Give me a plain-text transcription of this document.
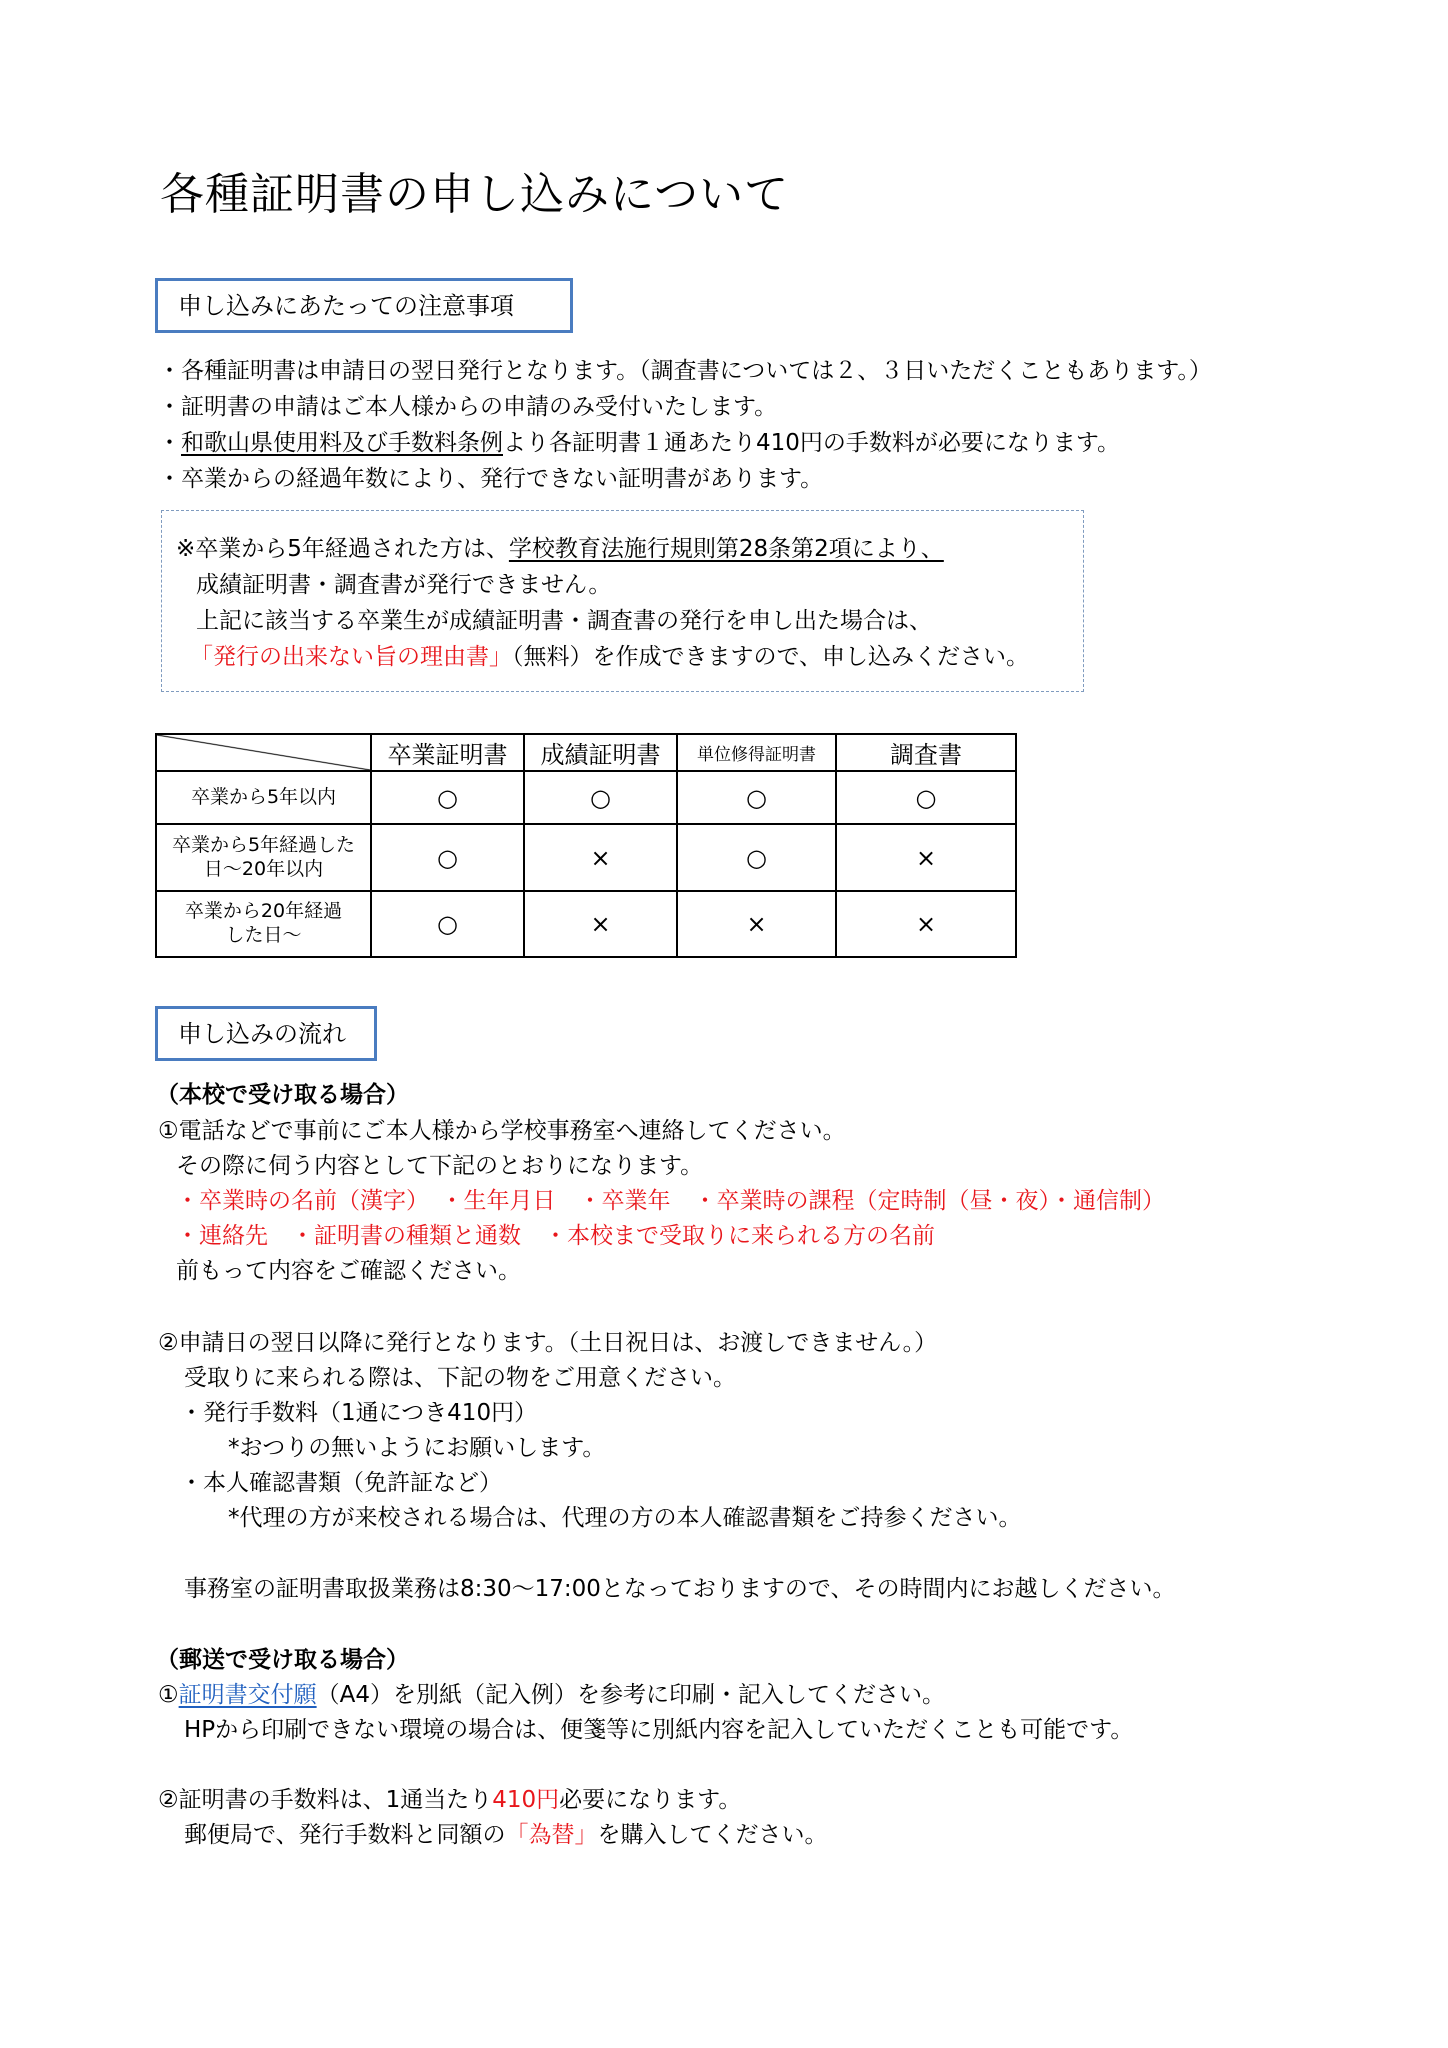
各種証明書の申し込みについて
申し込みにあたっての注意事項
・各種証明書は申請日の翌日発行となります。（調査書については２、３日いただくこともあります。）
・証明書の申請はご本人様からの申請のみ受付いたします。
・和歌山県使用料及び手数料条例より各証明書１通あたり410円の手数料が必要になります。
・卒業からの経過年数により、発行できない証明書があります。
※卒業から5年経過された方は、学校教育法施行規則第28条第2項により、
成績証明書・調査書が発行できません。
上記に該当する卒業生が成績証明書・調査書の発行を申し出た場合は、
「発行の出来ない旨の理由書」（無料）を作成できますので、申し込みください。
	卒業証明書	成績証明書	単位修得証明書	調査書
卒業から5年以内	○	○	○	○
卒業から5年経過した
日～20年以内	○	×	○	×
卒業から20年経過
した日～	○	×	×	×
申し込みの流れ
（本校で受け取る場合）
①電話などで事前にご本人様から学校事務室へ連絡してください。
その際に伺う内容として下記のとおりになります。
・卒業時の名前（漢字）　・生年月日　・卒業年　・卒業時の課程（定時制（昼・夜）・通信制）
・連絡先　・証明書の種類と通数　・本校まで受取りに来られる方の名前
前もって内容をご確認ください。
②申請日の翌日以降に発行となります。（土日祝日は、お渡しできません。）
受取りに来られる際は、下記の物をご用意ください。
・発行手数料（1通につき410円）
*おつりの無いようにお願いします。
・本人確認書類（免許証など）
*代理の方が来校される場合は、代理の方の本人確認書類をご持参ください。
事務室の証明書取扱業務は8:30～17:00となっておりますので、その時間内にお越しください。
（郵送で受け取る場合）
①証明書交付願（A4）を別紙（記入例）を参考に印刷・記入してください。
HPから印刷できない環境の場合は、便箋等に別紙内容を記入していただくことも可能です。
②証明書の手数料は、1通当たり410円必要になります。
郵便局で、発行手数料と同額の「為替」を購入してください。
